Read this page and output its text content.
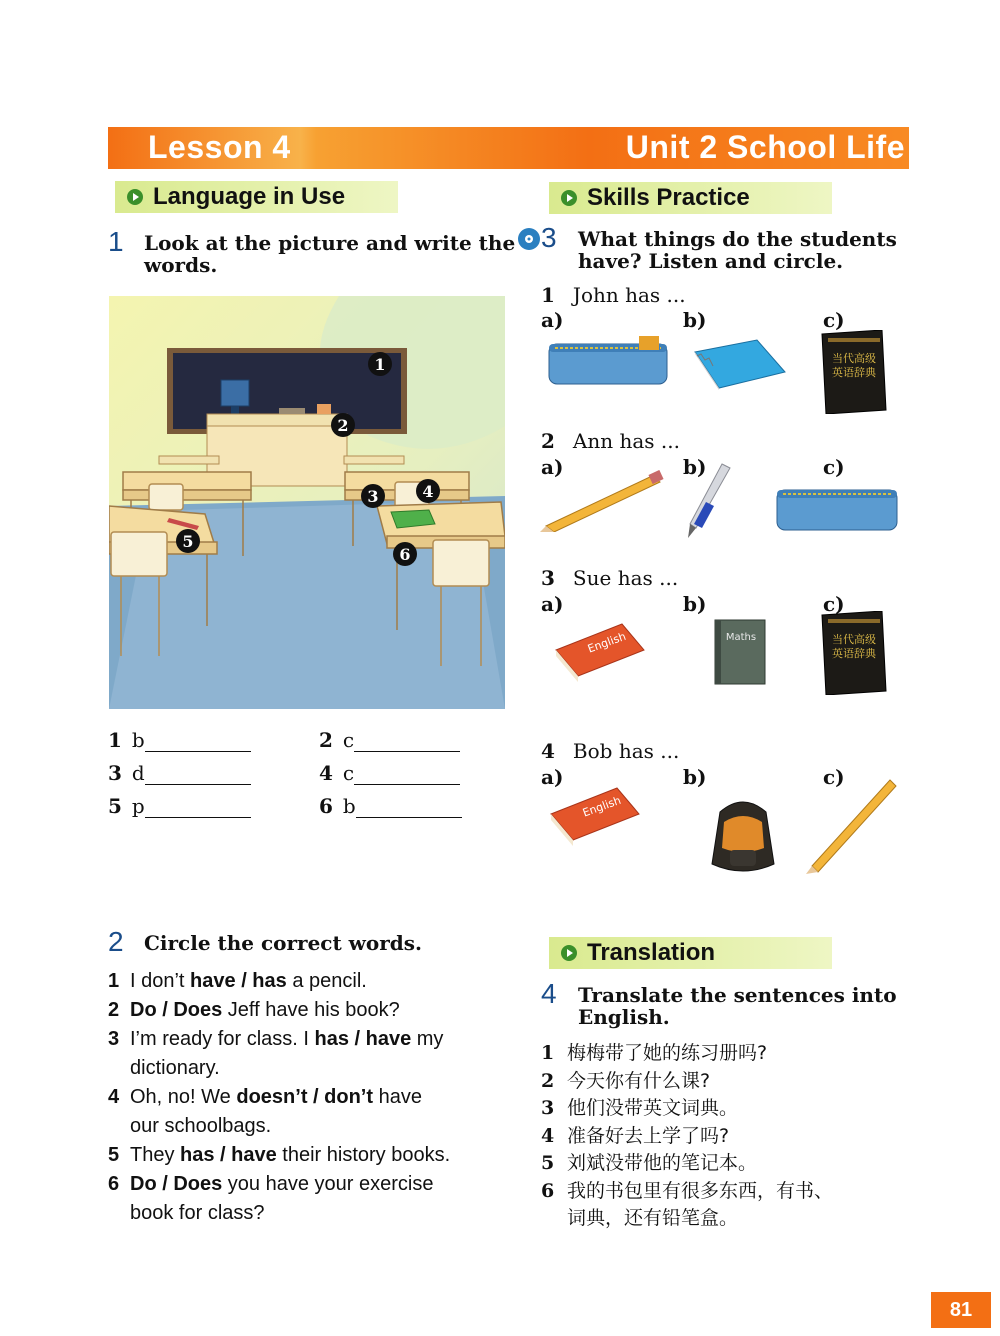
Lesson 4	Unit 2 School Life
Language in Use
1 Look at the picture and write the
words.
1
2
3	4
5
6
1 b	2 c
3 d	4 c
5 p	6 b
2 Circle the correct words.
1 I don’t have / has a pencil.
2 Do / Does Jeff have his book?
3 I’m ready for class. I has / have my
dictionary.
4 Oh, no! We doesn’t / don’t have
our schoolbags.
5 They has / have their history books.
6 Do / Does you have your exercise
book for class?
Skills Practice
3 What things do the students
have? Listen and circle.
1 John has ...
a)	b)	c)
当代高级
英语辞典
2 Ann has ...
a)	b)	c)
3 Sue has ...
a)	b)	c)
English	Maths	当代高级
英语辞典
4 Bob has ...
a)	b)	c)
English
Translation
4 Translate the sentences into
English.
1 梅梅带了她的练习册吗?
2 今天你有什么课?
3 他们没带英文词典。
4 准备好去上学了吗?
5 刘斌没带他的笔记本。
6 我的书包里有很多东西，有书、
词典，还有铅笔盒。
81
